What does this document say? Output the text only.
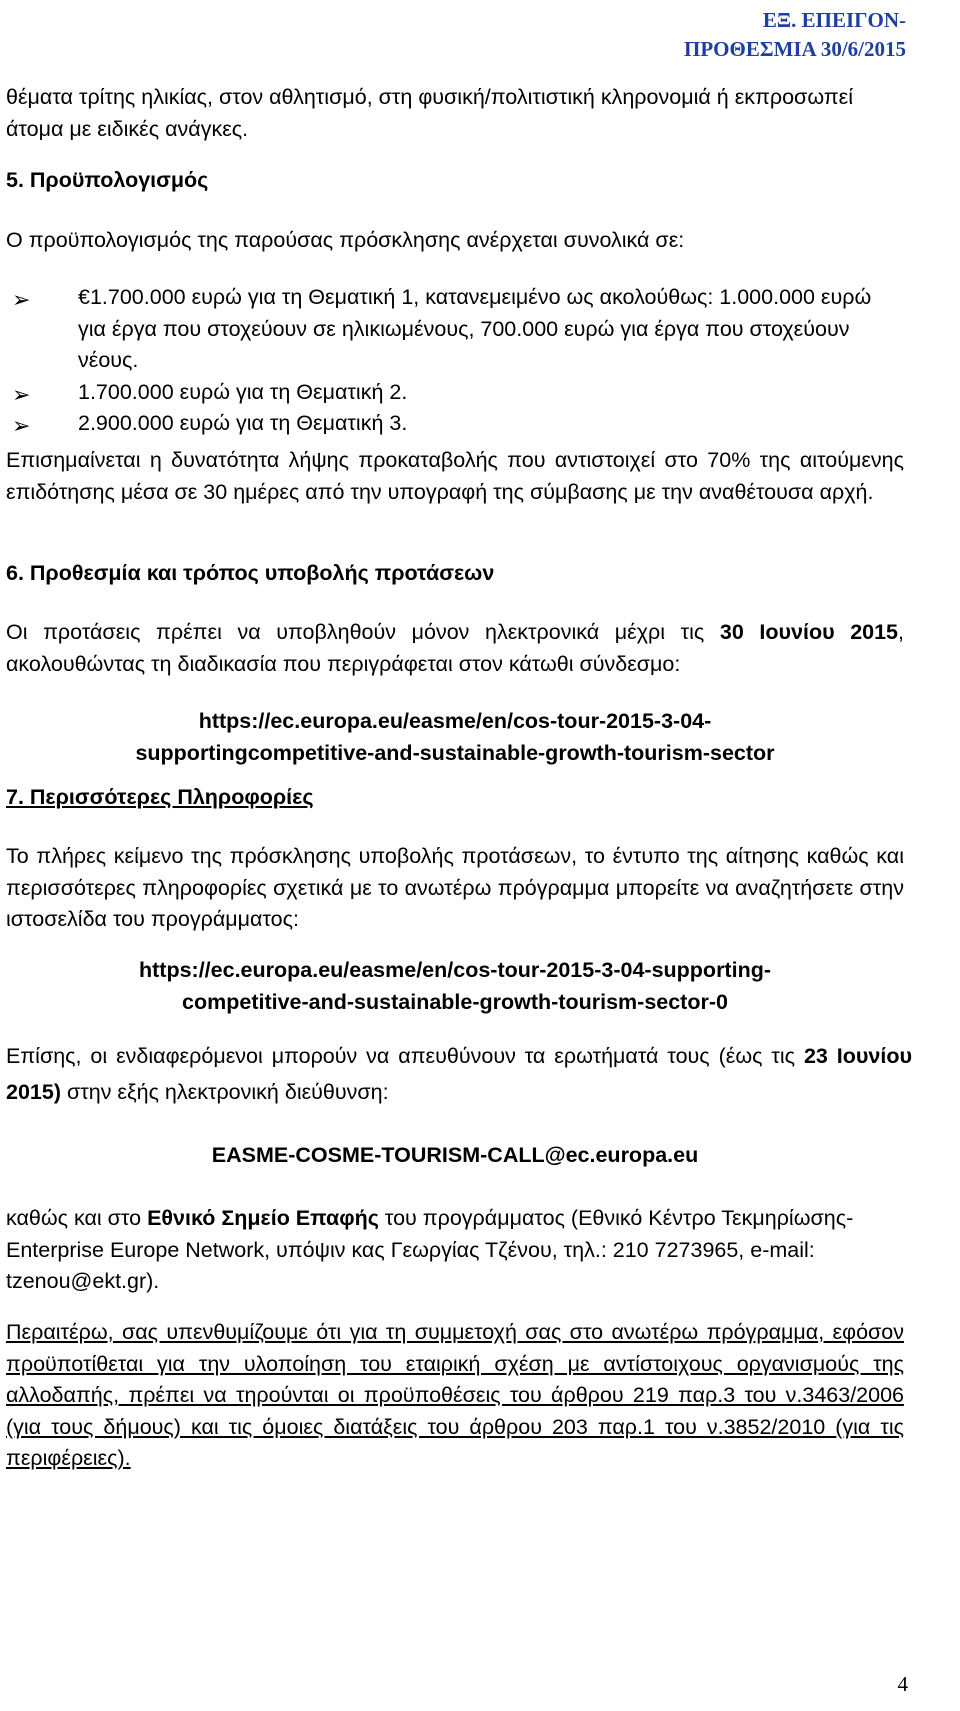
ΕΞ. ΕΠΕΙΓΟΝ-
ΠΡΟΘΕΣΜΙΑ 30/6/2015

θέματα τρίτης ηλικίας, στον αθλητισμό, στη φυσική/πολιτιστική κληρονομιά ή εκπροσωπεί άτομα με ειδικές ανάγκες.

5. Προϋπολογισμός

Ο προϋπολογισμός της παρούσας πρόσκλησης ανέρχεται συνολικά σε:

➢	€1.700.000 ευρώ για τη Θεματική 1, κατανεμειμένο ως ακολούθως: 1.000.000 ευρώ για έργα που στοχεύουν σε ηλικιωμένους, 700.000 ευρώ για έργα που στοχεύουν νέους.
➢	1.700.000 ευρώ για τη Θεματική 2.
➢	2.900.000 ευρώ για τη Θεματική 3.

Επισημαίνεται η δυνατότητα λήψης προκαταβολής που αντιστοιχεί στο 70% της αιτούμενης επιδότησης μέσα σε 30 ημέρες από την υπογραφή της σύμβασης με την αναθέτουσα αρχή.

6. Προθεσμία και τρόπος υποβολής προτάσεων

Οι προτάσεις πρέπει να υποβληθούν μόνον ηλεκτρονικά μέχρι τις 30 Ιουνίου 2015, ακολουθώντας τη διαδικασία που περιγράφεται στον κάτωθι σύνδεσμο:

https://ec.europa.eu/easme/en/cos-tour-2015-3-04-
supportingcompetitive-and-sustainable-growth-tourism-sector
7. Περισσότερες Πληροφορίες

Το πλήρες κείμενο της πρόσκλησης υποβολής προτάσεων, το έντυπο της αίτησης καθώς και περισσότερες πληροφορίες σχετικά με το ανωτέρω πρόγραμμα μπορείτε να αναζητήσετε στην ιστοσελίδα του προγράμματος:

https://ec.europa.eu/easme/en/cos-tour-2015-3-04-supporting-
competitive-and-sustainable-growth-tourism-sector-0

Επίσης, οι ενδιαφερόμενοι μπορούν να απευθύνουν τα ερωτήματά τους (έως τις 23 Ιουνίου 2015) στην εξής ηλεκτρονική διεύθυνση:

EASME-COSME-TOURISM-CALL@ec.europa.eu

καθώς και στο Εθνικό Σημείο Επαφής του προγράμματος (Εθνικό Κέντρο Τεκμηρίωσης- Enterprise Europe Network, υπόψιν κας Γεωργίας Τζένου, τηλ.: 210 7273965, e-mail: tzenou@ekt.gr).

Περαιτέρω, σας υπενθυμίζουμε ότι για τη συμμετοχή σας στο ανωτέρω πρόγραμμα, εφόσον προϋποτίθεται για την υλοποίηση του εταιρική σχέση με αντίστοιχους οργανισμούς της αλλοδαπής, πρέπει να τηρούνται οι προϋποθέσεις του άρθρου 219 παρ.3 του ν.3463/2006 (για τους δήμους) και τις όμοιες διατάξεις του άρθρου 203 παρ.1 του ν.3852/2010 (για τις περιφέρειες).

4
